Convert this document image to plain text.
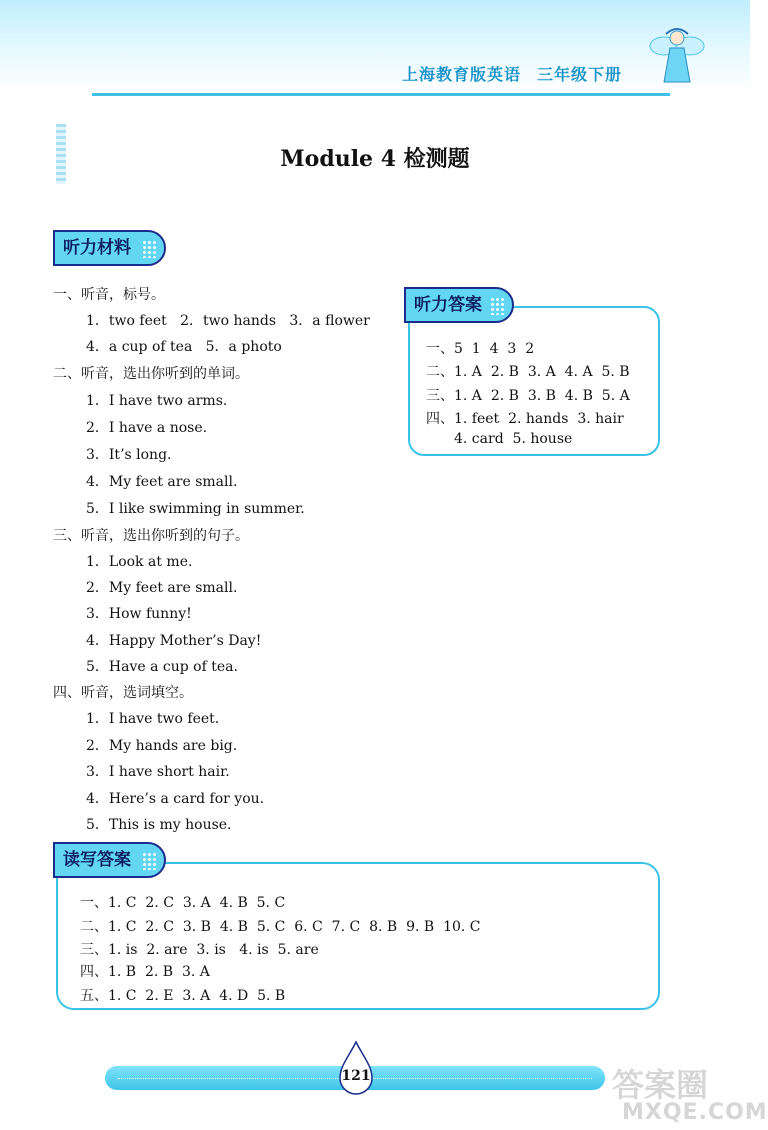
上海教育版英语 三年级下册
Module 4 检测题
听力材料
一、听音，标号。
1．two feet   2．two hands   3．a flower
4．a cup of tea   5．a photo
二、听音，选出你听到的单词。
1．I have two arms.
2．I have a nose.
3．It’s long.
4．My feet are small.
5．I like swimming in summer.
三、听音，选出你听到的句子。
1．Look at me.
2．My feet are small.
3．How funny!
4．Happy Mother’s Day!
5．Have a cup of tea.
四、听音，选词填空。
1．I have two feet.
2．My hands are big.
3．I have short hair.
4．Here’s a card for you.
5．This is my house.
听力答案
一、5  1  4  3  2
二、1. A  2. B  3. A  4. A  5. B
三、1. A  2. B  3. B  4. B  5. A
四、1. feet  2. hands  3. hair
4. card  5. house
读写答案
一、1. C  2. C  3. A  4. B  5. C
二、1. C  2. C  3. B  4. B  5. C  6. C  7. C  8. B  9. B  10. C
三、1. is  2. are  3. is   4. is  5. are
四、1. B  2. B  3. A
五、1. C  2. E  3. A  4. D  5. B
121	答案圈
MXQE.COM
